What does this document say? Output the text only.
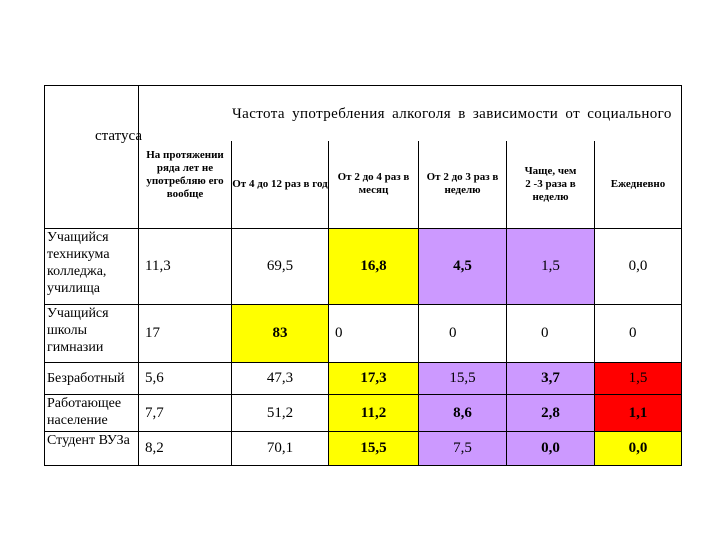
	Частота употребления алкоголя в зависимости от социального					

	статуса
На протяжении ряда лет не употребляю его вообще	От 4 до 12 раз в год	От 2 до 4 раз в месяц	От 2 до 3 раз в неделю	Чаще, чем 2 -3 раза в неделю	Ежедневно
Учащийся техникума колледжа, училища	11,3	69,5	16,8	4,5	1,5	0,0
Учащийся школы гимназии	17	83	0	0	0	0
Безработный	5,6	47,3	17,3	15,5	3,7	1,5
Работающее население	7,7	51,2	11,2	8,6	2,8	1,1
Студент ВУЗа	8,2	70,1	15,5	7,5	0,0	0,0
